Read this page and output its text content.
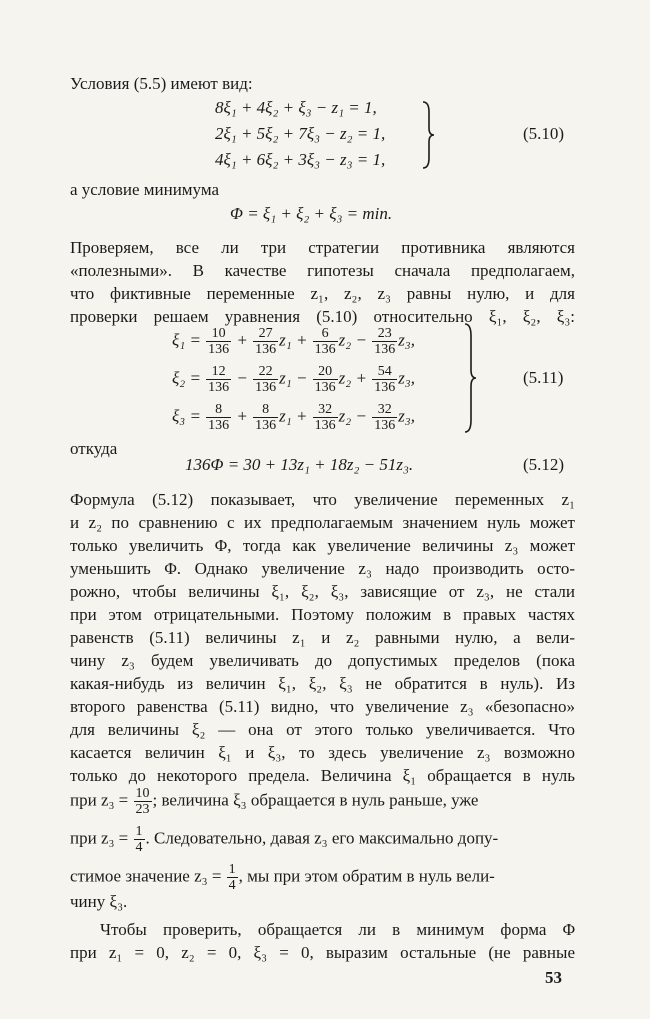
Условия (5.5) имеют вид:
8ξ₁ + 4ξ₂ + ξ₃ − z₁ = 1,
2ξ₁ + 5ξ₂ + 7ξ₃ − z₂ = 1,
4ξ₁ + 6ξ₂ + 3ξ₃ − z₃ = 1,
(5.10)
а условие минимума
Φ = ξ₁ + ξ₂ + ξ₃ = min.
Проверяем, все ли три стратегии противника являются
«полезными». В качестве гипотезы сначала предполагаем,
что фиктивные переменные z₁, z₂, z₃ равны нулю, и для
проверки решаем уравнения (5.10) относительно ξ₁, ξ₂, ξ₃:
$\xi_1 = \frac{10}{136} + \frac{27}{136} z_1 + \frac{6}{136} z_2 - \frac{23}{136} z_3$,
$\xi_2 = \frac{12}{136} - \frac{22}{136} z_1 - \frac{20}{136} z_2 + \frac{54}{136} z_3$,
$\xi_3 = \frac{8}{136} + \frac{8}{136} z_1 + \frac{32}{136} z_2 - \frac{32}{136} z_3$,
(5.11)
откуда
136Φ = 30 + 13z₁ + 18z₂ − 51z₃.	(5.12)
Формула (5.12) показывает, что увеличение переменных z₁
и z₂ по сравнению с их предполагаемым значением нуль может
только увеличить Φ, тогда как увеличение величины z₃ может
уменьшить Φ. Однако увеличение z₃ надо производить осто-
рожно, чтобы величины ξ₁, ξ₂, ξ₃, зависящие от z₃, не стали
при этом отрицательными. Поэтому положим в правых частях
равенств (5.11) величины z₁ и z₂ равными нулю, а вели-
чину z₃ будем увеличивать до допустимых пределов (пока
какая-нибудь из величин ξ₁, ξ₂, ξ₃ не обратится в нуль). Из
второго равенства (5.11) видно, что увеличение z₃ «безопасно»
для величины ξ₂ — она от этого только увеличивается. Что
касается величин ξ₁ и ξ₃, то здесь увеличение z₃ возможно
только до некоторого предела. Величина ξ₁ обращается в нуль
при $z_3 = \frac{10}{23}$ ; величина ξ₃ обращается в нуль раньше, уже
при $z_3 = \frac{1}{4}$ . Следовательно, давая z₃ его максимально допу-
стимое значение $z_3 = \frac{1}{4}$ , мы при этом обратим в нуль вели-
чину ξ₃.
Чтобы проверить, обращается ли в минимум форма Φ
при z₁ = 0, z₂ = 0, ξ₃ = 0, выразим остальные (не равные
53
